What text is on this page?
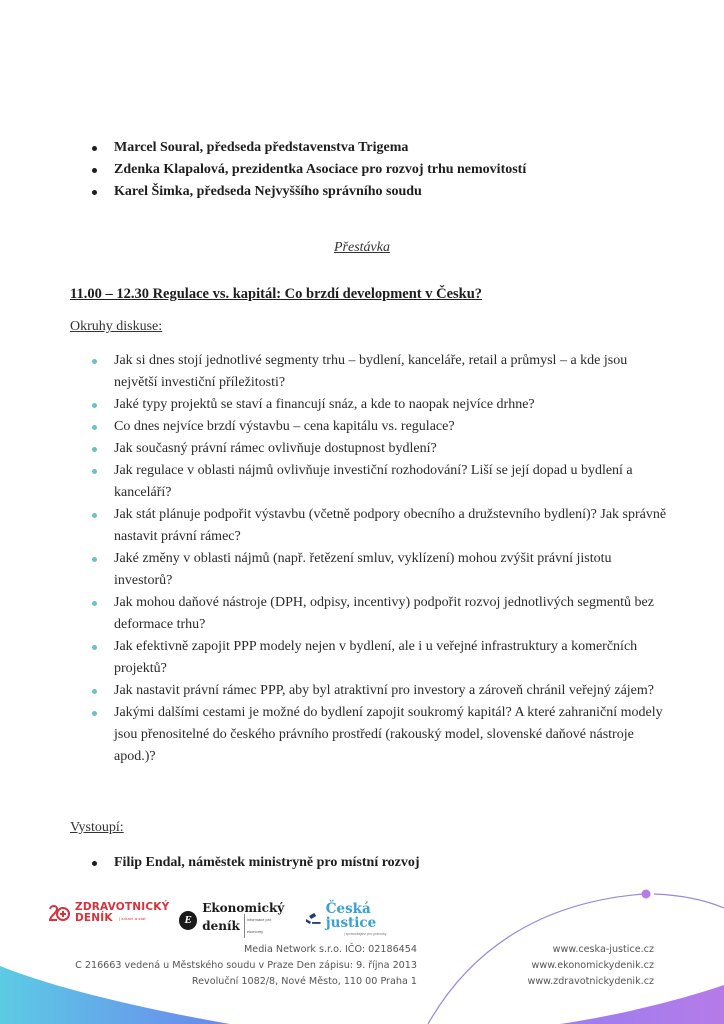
Marcel Soural, předseda představenstva Trigema
Zdenka Klapalová, prezidentka Asociace pro rozvoj trhu nemovitostí
Karel Šimka, předseda Nejvyššího správního soudu
Přestávka
11.00 – 12.30 Regulace vs. kapitál: Co brzdí development v Česku?
Okruhy diskuse:
Jak si dnes stojí jednotlivé segmenty trhu – bydlení, kanceláře, retail a průmysl – a kde jsou největší investiční příležitosti?
Jaké typy projektů se staví a financují snáz, a kde to naopak nejvíce drhne?
Co dnes nejvíce brzdí výstavbu – cena kapitálu vs. regulace?
Jak současný právní rámec ovlivňuje dostupnost bydlení?
Jak regulace v oblasti nájmů ovlivňuje investiční rozhodování? Liší se její dopad u bydlení a kanceláří?
Jak stát plánuje podpořit výstavbu (včetně podpory obecního a družstevního bydlení)? Jak správně nastavit právní rámec?
Jaké změny v oblasti nájmů (např. řetězení smluv, vyklízení) mohou zvýšit právní jistotu investorů?
Jak mohou daňové nástroje (DPH, odpisy, incentivy) podpořit rozvoj jednotlivých segmentů bez deformace trhu?
Jak efektivně zapojit PPP modely nejen v bydlení, ale i u veřejné infrastruktury a komerčních projektů?
Jak nastavit právní rámec PPP, aby byl atraktivní pro investory a zároveň chránil veřejný zájem?
Jakými dalšími cestami je možné do bydlení zapojit soukromý kapitál? A které zahraniční modely jsou přenositelné do českého právního prostředí (rakouský model, slovenské daňové nástroje apod.)?
Vystoupí:
Filip Endal, náměstek ministryně pro místní rozvoj
ZDRAVOTNICKÝ
DENÍK | zdraví a stát	E
Ekonomický
deník	informace pro ekonomy
Česká justice
| zpravodajství pro právníky
Media Network s.r.o. IČO: 02186454
C 216663 vedená u Městského soudu v Praze Den zápisu: 9. října 2013
Revoluční 1082/8, Nové Město, 110 00 Praha 1
www.ceska-justice.cz
www.ekonomickydenik.cz
www.zdravotnickydenik.cz
